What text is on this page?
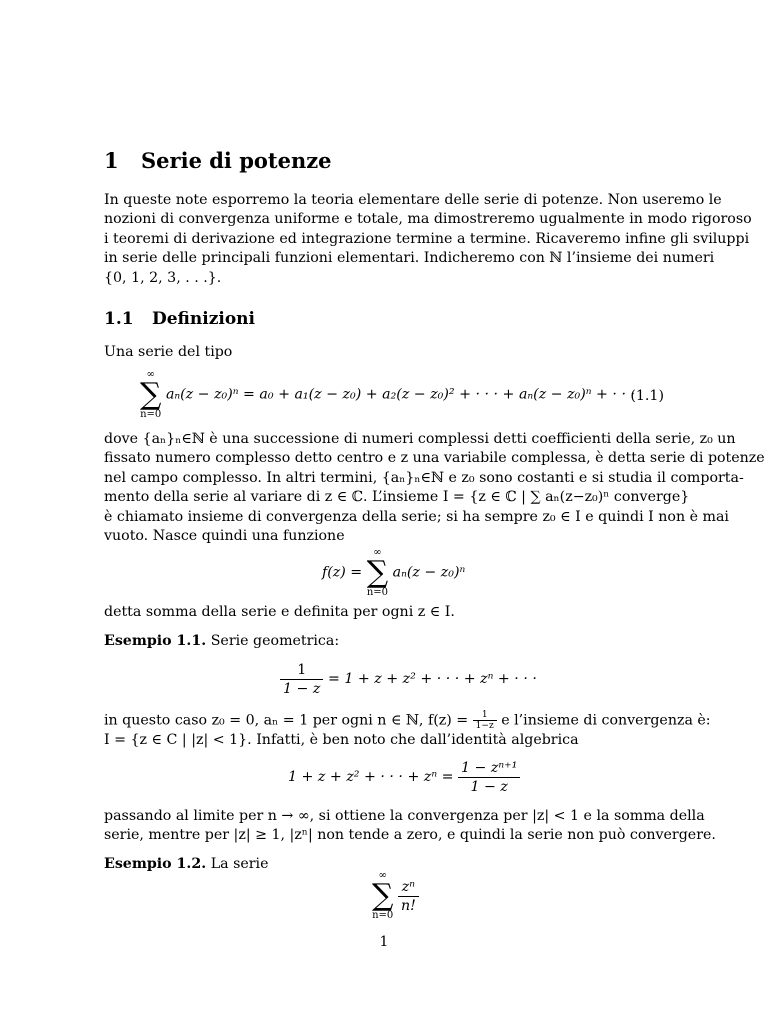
1 Serie di potenze
In queste note esporremo la teoria elementare delle serie di potenze. Non useremo le
nozioni di convergenza uniforme e totale, ma dimostreremo ugualmente in modo rigoroso
i teoremi di derivazione ed integrazione termine a termine. Ricaveremo infine gli sviluppi
in serie delle principali funzioni elementari. Indicheremo con ℕ l’insieme dei numeri
{0, 1, 2, 3, . . .}.
1.1 Definizioni
Una serie del tipo
∞
∑
n=0
aₙ(z − z₀)ⁿ = a₀ + a₁(z − z₀) + a₂(z − z₀)² + · · · + aₙ(z − z₀)ⁿ + · · ·
(1.1)
dove {aₙ}ₙ∈ℕ è una successione di numeri complessi detti coefficienti della serie, z₀ un
fissato numero complesso detto centro e z una variabile complessa, è detta serie di potenze
nel campo complesso. In altri termini, {aₙ}ₙ∈ℕ e z₀ sono costanti e si studia il comporta-
mento della serie al variare di z ∈ ℂ. L’insieme I = {z ∈ ℂ | ∑ aₙ(z−z₀)ⁿ converge}
è chiamato insieme di convergenza della serie; si ha sempre z₀ ∈ I e quindi I non è mai
vuoto. Nasce quindi una funzione
f(z) =
∞
∑
n=0
aₙ(z − z₀)ⁿ
detta somma della serie e definita per ogni z ∈ I.
Esempio 1.1. Serie geometrica:
$\frac{1}{1 - z} = 1 + z + z^2$ + · · · + zⁿ + · · ·
in questo caso z₀ = 0, aₙ = 1 per ogni n ∈ ℕ, $f(z) = \frac{1}{1-z}$ e l’insieme di convergenza è:
I = {z ∈ C | |z| < 1}. Infatti, è ben noto che dall’identità algebrica
1 + z + z² + · · · + $z^n = \frac{\text{1 − zⁿ⁺¹}}{1 - z}$
passando al limite per n → ∞, si ottiene la convergenza per |z| < 1 e la somma della
serie, mentre per |z| ≥ 1, |zⁿ| non tende a zero, e quindi la serie non può convergere.
Esempio 1.2. La serie
∞
∑
n=0

$\frac{\text{zⁿ}}{n!}$
1
